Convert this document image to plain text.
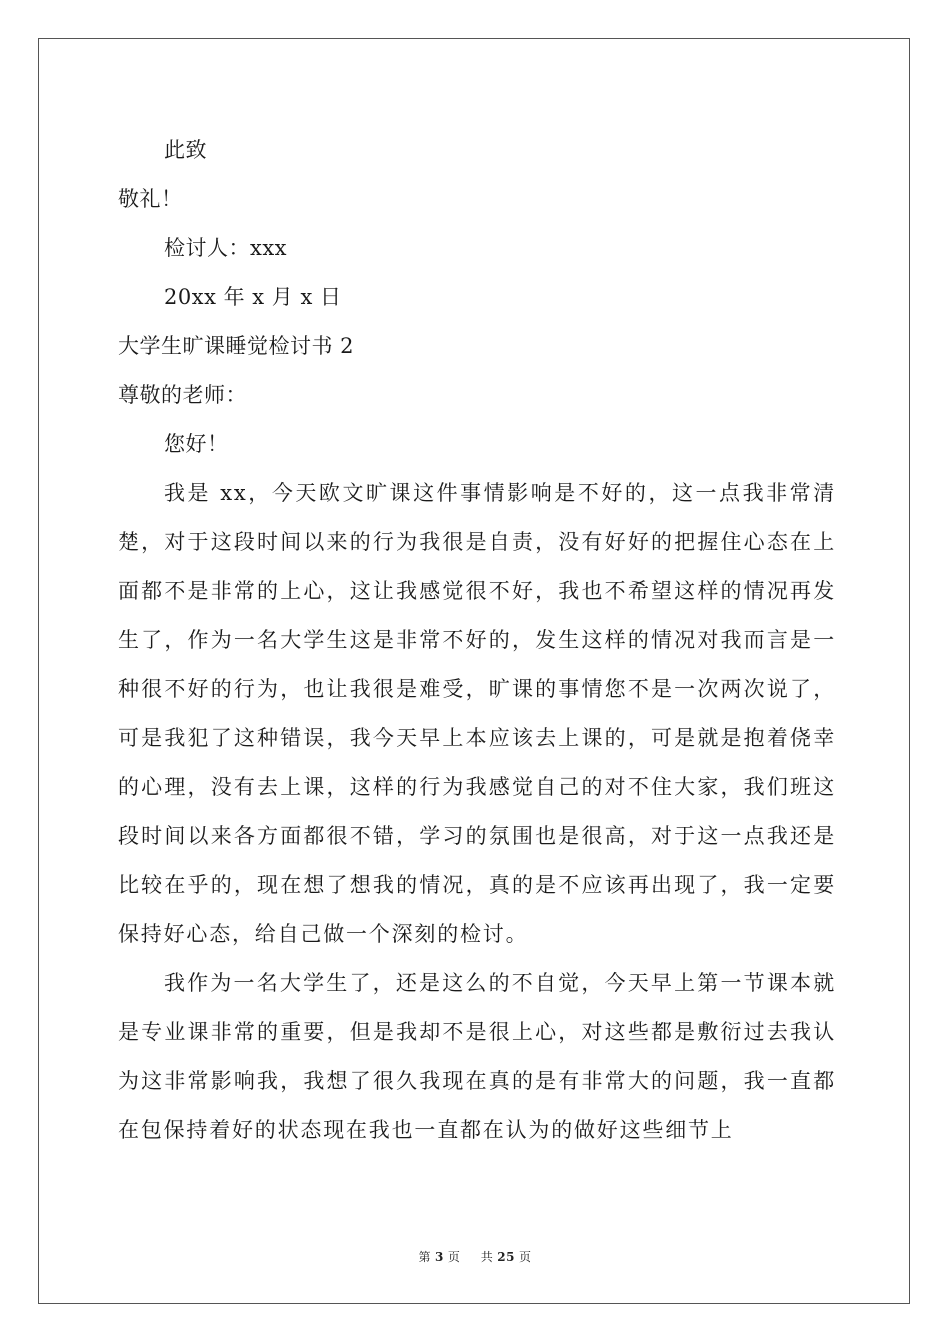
此致
敬礼！
检讨人：xxx
20xx 年 x 月 x 日
大学生旷课睡觉检讨书 2
尊敬的老师：
您好！

我是 xx，今天欧文旷课这件事情影响是不好的，这一点我非常清楚，对于这段时间以来的行为我很是自责，没有好好的把握住心态在上面都不是非常的上心，这让我感觉很不好，我也不希望这样的情况再发生了，作为一名大学生这是非常不好的，发生这样的情况对我而言是一种很不好的行为，也让我很是难受，旷课的事情您不是一次两次说了，可是我犯了这种错误，我今天早上本应该去上课的，可是就是抱着侥幸的心理，没有去上课，这样的行为我感觉自己的对不住大家，我们班这段时间以来各方面都很不错，学习的氛围也是很高，对于这一点我还是比较在乎的，现在想了想我的情况，真的是不应该再出现了，我一定要保持好心态，给自己做一个深刻的检讨。

我作为一名大学生了，还是这么的不自觉，今天早上第一节课本就是专业课非常的重要，但是我却不是很上心，对这些都是敷衍过去我认为这非常影响我，我想了很久我现在真的是有非常大的问题，我一直都在包保持着好的状态现在我也一直都在认为的做好这些细节上

第 3 页 共 25 页
